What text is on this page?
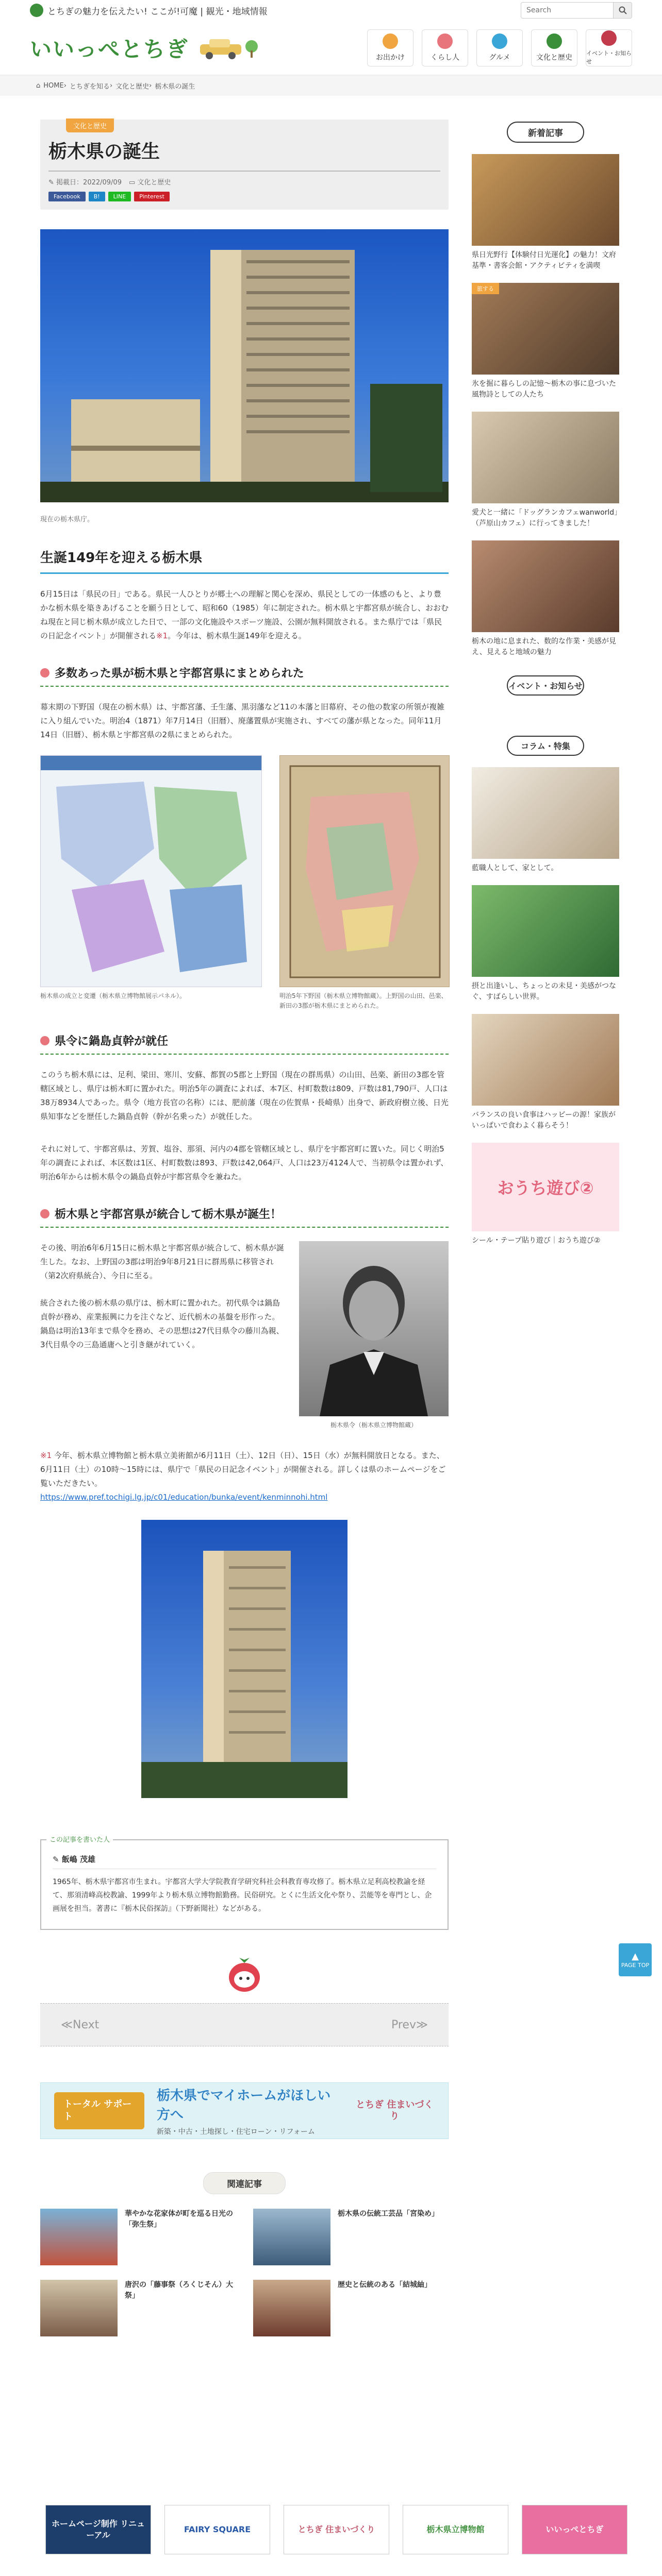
とちぎの魅力を伝えたい! ここが!可魔 | 観光・地域情報
Search
いいっぺとちぎ	お出かけ	くらし人	グルメ	文化と歴史
イベント・お知らせ
⌂ HOME › とちぎを知る › 文化と歴史 › 栃木県の誕生
文化と歴史
栃木県の誕生
✎ 掲載日：2022/09/09 ▭ 文化と歴史
Facebook	B!	LINE	Pinterest

現在の栃木県庁。

生誕149年を迎える栃木県

6月15日は「県民の日」である。県民一人ひとりが郷土への理解と関心を深め、県民としての一体感のもと、より豊かな栃木県を築きあげることを願う日として、昭和60（1985）年に制定された。栃木県と宇都宮県が統合し、おおむね現在と同じ栃木県が成立した日で、一部の文化施設やスポーツ施設、公園が無料開放される。また県庁では「県民の日記念イベント」が開催される※1。今年は、栃木県生誕149年を迎える。

多数あった県が栃木県と宇都宮県にまとめられた

幕末期の下野国（現在の栃木県）は、宇都宮藩、壬生藩、黒羽藩など11の本藩と旧幕府、その他の数家の所領が複雑に入り組んでいた。明治4（1871）年7月14日（旧暦）、廃藩置県が実施され、すべての藩が県となった。同年11月14日（旧暦）、栃木県と宇都宮県の2県にまとめられた。

栃木県の成立と変遷（栃木県立博物館展示パネル）。	明治5年下野国（栃木県立博物館蔵）。上野国の山田、邑楽、新田の3郡が栃木県にまとめられた。

県令に鍋島貞幹が就任

このうち栃木県には、足利、梁田、寒川、安蘇、都賀の5郡と上野国（現在の群馬県）の山田、邑楽、新田の3郡を管轄区域とし、県庁は栃木町に置かれた。明治5年の調査によれば、本7区、村町数数は809、戸数は81,790戸、人口は38万8934人であった。県令（地方長官の名称）には、肥前藩（現在の佐賀県・長崎県）出身で、新政府樹立後、日光県知事などを歴任した鍋島貞幹（幹が名乗った）が就任した。

それに対して、宇都宮県は、芳賀、塩谷、那須、河内の4郡を管轄区域とし、県庁を宇都宮町に置いた。同じく明治5年の調査によれば、本区数は1区、村町数数は893、戸数は42,064戸、人口は23万4124人で、当初県令は置かれず、明治6年からは栃木県令の鍋島貞幹が宇都宮県令を兼ねた。

栃木県と宇都宮県が統合して栃木県が誕生！

その後、明治6年6月15日に栃木県と宇都宮県が統合して、栃木県が誕生した。なお、上野国の3郡は明治9年8月21日に群馬県に移管され（第2次府県統合）、今日に至る。

統合された後の栃木県の県庁は、栃木町に置かれた。初代県令は鍋島貞幹が務め、産業振興に力を注ぐなど、近代栃木の基盤を形作った。鍋島は明治13年まで県令を務め、その思想は27代目県令の藤川為親、3代目県令の三島通庸へと引き継がれていく。

栃木県令（栃木県立博物館蔵）

※1 今年、栃木県立博物館と栃木県立美術館が6月11日（土）、12日（日）、15日（水）が無料開放日となる。また、6月11日（土）の10時～15時には、県庁で「県民の日記念イベント」が開催される。詳しくは県のホームページをご覧いただきたい。
https://www.pref.tochigi.lg.jp/c01/education/bunka/event/kenminnohi.html

この記事を書いた人
✎ 飯嶋 茂雄

1965年、栃木県宇都宮市生まれ。宇都宮大学大学院教育学研究科社会科教育専攻修了。栃木県立足利高校教諭を経て、那須清峰高校教諭、1999年より栃木県立博物館勤務。民俗研究。とくに生活文化や祭り、芸能等を専門とし、企画展を担当。著書に『栃木民俗探訪』（下野新聞社）などがある。

≪Next	Prev≫
トータル サポート
栃木県でマイホームがほしい方へ
新築・中古・土地探し・住宅ローン・リフォーム
とちぎ 住まいづくり
関連記事
華やかな花家体が町を巡る日光の「弥生祭」
栃木県の伝統工芸品「宮染め」
唐沢の「藤事祭（ろくじそん）大祭」
歴史と伝統のある「結城紬」
新着記事

県日光野行【体験付日光運化】の魅力！文府基準・書客会館・アクティビティを満喫

旅する

氷を掘に暮らしの記憶～栃木の事に息づいた風物詩としての人たち

愛犬と一緒に「ドッグランカフェwanworld」（芦原山カフェ）に行ってきました！

栃木の地に息まれた、数的な作業・美感が見え、見えると地域の魅力

イベント・お知らせ
コラム・特集

藍職人として、家として。

摂と出逢いし、ちょっとの未見・美感がつなぐ、すばらしい世界。

バランスの良い食事はハッピーの源！家族がいっぱいで食わよく暮らそう！

おうち遊び②

シール・テープ貼り遊び｜おうち遊び②

▲
PAGE TOP
ホームページ制作 リニューアル
FAIRY SQUARE	とちぎ 住まいづくり	栃木県立博物館	いいっぺとちぎ
